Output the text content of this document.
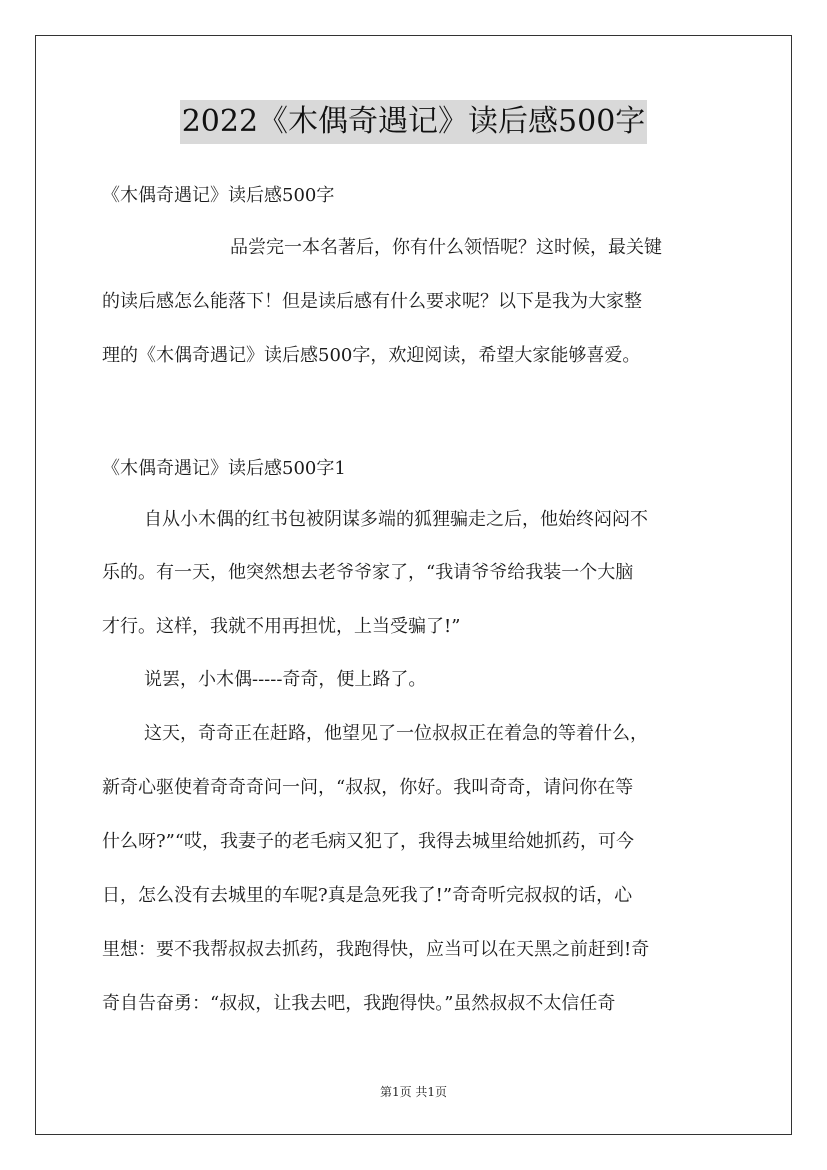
2022《木偶奇遇记》读后感500字
《木偶奇遇记》读后感500字
品尝完一本名著后，你有什么领悟呢？这时候，最关键
的读后感怎么能落下！但是读后感有什么要求呢？以下是我为大家整
理的《木偶奇遇记》读后感500字，欢迎阅读，希望大家能够喜爱。
《木偶奇遇记》读后感500字1
自从小木偶的红书包被阴谋多端的狐狸骗走之后，他始终闷闷不
乐的。有一天，他突然想去老爷爷家了，“我请爷爷给我装一个大脑
才行。这样，我就不用再担忧，上当受骗了!”
说罢，小木偶-----奇奇，便上路了。
这天，奇奇正在赶路，他望见了一位叔叔正在着急的等着什么，
新奇心驱使着奇奇奇问一问，“叔叔，你好。我叫奇奇，请问你在等
什么呀?”“哎，我妻子的老毛病又犯了，我得去城里给她抓药，可今
日，怎么没有去城里的车呢?真是急死我了!”奇奇听完叔叔的话，心
里想：要不我帮叔叔去抓药，我跑得快，应当可以在天黑之前赶到!奇
奇自告奋勇：“叔叔，让我去吧，我跑得快。”虽然叔叔不太信任奇
第1页 共1页
